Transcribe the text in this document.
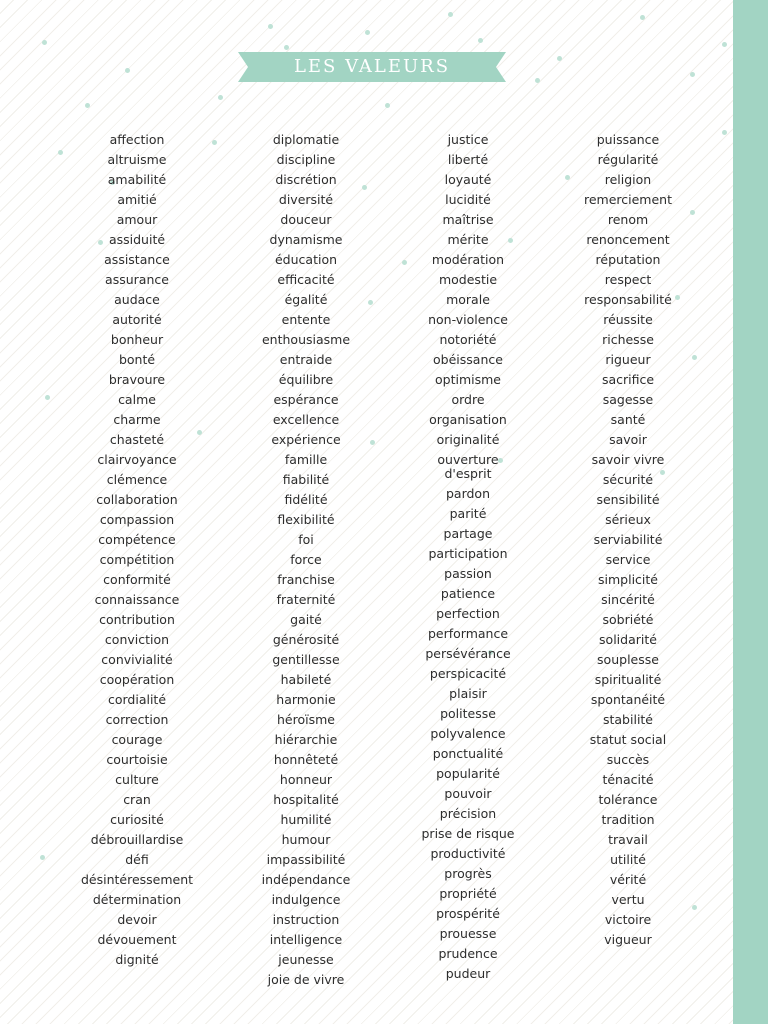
LES VALEURS
affection
altruisme
amabilité
amitié
amour
assiduité
assistance
assurance
audace
autorité
bonheur
bonté
bravoure
calme
charme
chasteté
clairvoyance
clémence
collaboration
compassion
compétence
compétition
conformité
connaissance
contribution
conviction
convivialité
coopération
cordialité
correction
courage
courtoisie
culture
cran
curiosité
débrouillardise
défi
désintéressement
détermination
devoir
dévouement
dignité
diplomatie
discipline
discrétion
diversité
douceur
dynamisme
éducation
efficacité
égalité
entente
enthousiasme
entraide
équilibre
espérance
excellence
expérience
famille
fiabilité
fidélité
flexibilité
foi
force
franchise
fraternité
gaité
générosité
gentillesse
habileté
harmonie
héroïsme
hiérarchie
honnêteté
honneur
hospitalité
humilité
humour
impassibilité
indépendance
indulgence
instruction
intelligence
jeunesse
joie de vivre
justice
liberté
loyauté
lucidité
maîtrise
mérite
modération
modestie
morale
non-violence
notoriété
obéissance
optimisme
ordre
organisation
originalité
ouverture
d'esprit
pardon
parité
partage
participation
passion
patience
perfection
performance
persévérance
perspicacité
plaisir
politesse
polyvalence
ponctualité
popularité
pouvoir
précision
prise de risque
productivité
progrès
propriété
prospérité
prouesse
prudence
pudeur
puissance
régularité
religion
remerciement
renom
renoncement
réputation
respect
responsabilité
réussite
richesse
rigueur
sacrifice
sagesse
santé
savoir
savoir vivre
sécurité
sensibilité
sérieux
serviabilité
service
simplicité
sincérité
sobriété
solidarité
souplesse
spiritualité
spontanéité
stabilité
statut social
succès
ténacité
tolérance
tradition
travail
utilité
vérité
vertu
victoire
vigueur
